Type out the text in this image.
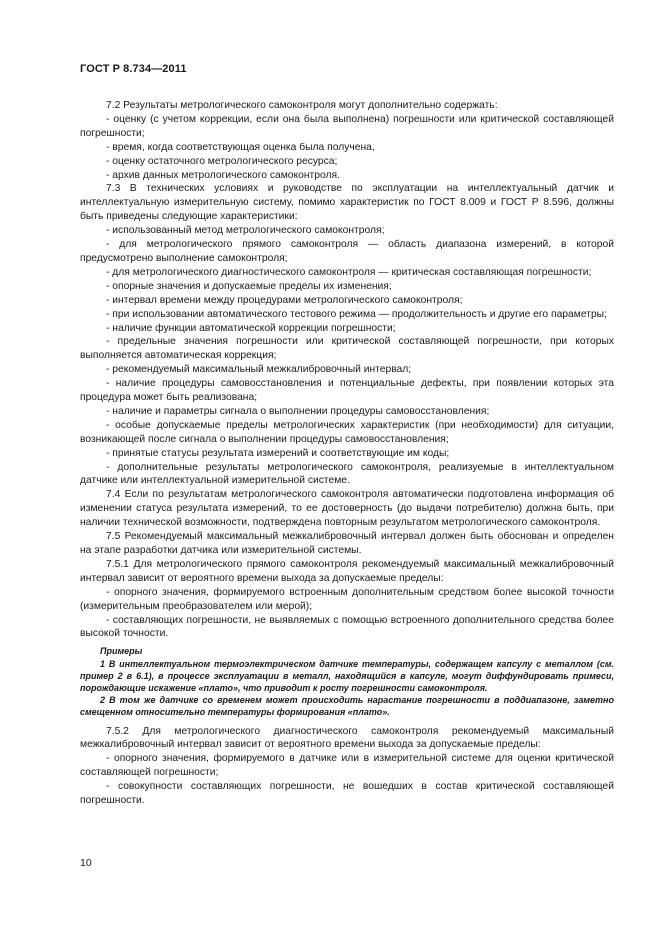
ГОСТ Р 8.734—2011

7.2 Результаты метрологического самоконтроля могут дополнительно содержать:

- оценку (с учетом коррекции, если она была выполнена) погрешности или критической составляющей погрешности;

- время, когда соответствующая оценка была получена,

- оценку остаточного метрологического ресурса;

- архив данных метрологического самоконтроля.

7.3 В технических условиях и руководстве по эксплуатации на интеллектуальный датчик и интеллектуальную измерительную систему, помимо характеристик по ГОСТ 8.009 и ГОСТ Р 8.596, должны быть приведены следующие характеристики:

- использованный метод метрологического самоконтроля;

- для метрологического прямого самоконтроля — область диапазона измерений, в которой предусмотрено выполнение самоконтроля;

- для метрологического диагностического самоконтроля — критическая составляющая погрешности;

- опорные значения и допускаемые пределы их изменения;

- интервал времени между процедурами метрологического самоконтроля;

- при использовании автоматического тестового режима — продолжительность и другие его параметры;

- наличие функции автоматической коррекции погрешности;

- предельные значения погрешности или критической составляющей погрешности, при которых выполняется автоматическая коррекция;

- рекомендуемый максимальный межкалибровочный интервал;

- наличие процедуры самовосстановления и потенциальные дефекты, при появлении которых эта процедура может быть реализована;

- наличие и параметры сигнала о выполнении процедуры самовосстановления;

- особые допускаемые пределы метрологических характеристик (при необходимости) для ситуации, возникающей после сигнала о выполнении процедуры самовосстановления;

- принятые статусы результата измерений и соответствующие им коды;

- дополнительные результаты метрологического самоконтроля, реализуемые в интеллектуальном датчике или интеллектуальной измерительной системе.

7.4 Если по результатам метрологического самоконтроля автоматически подготовлена информация об изменении статуса результата измерений, то ее достоверность (до выдачи потребителю) должна быть, при наличии технической возможности, подтверждена повторным результатом метрологического самоконтроля.

7.5 Рекомендуемый максимальный межкалибровочный интервал должен быть обоснован и определен на этапе разработки датчика или измерительной системы.

7.5.1 Для метрологического прямого самоконтроля рекомендуемый максимальный межкалибровочный интервал зависит от вероятного времени выхода за допускаемые пределы:

- опорного значения, формируемого встроенным дополнительным средством более высокой точности (измерительным преобразователем или мерой);

- составляющих погрешности, не выявляемых с помощью встроенного дополнительного средства более высокой точности.

Примеры

1 В интеллектуальном термоэлектрическом датчике температуры, содержащем капсулу с металлом (см. пример 2 в 6.1), в процессе эксплуатации в металл, находящийся в капсуле, могут диффундировать примеси, порождающие искажение «плато», что приводит к росту погрешности самоконтроля.

2 В том же датчике со временем может происходить нарастание погрешности в поддиапазоне, заметно смещенном относительно температуры формирования «плато».

7.5.2 Для метрологического диагностического самоконтроля рекомендуемый максимальный межкалибровочный интервал зависит от вероятного времени выхода за допускаемые пределы:

- опорного значения, формируемого в датчике или в измерительной системе для оценки критической составляющей погрешности;

- совокупности составляющих погрешности, не вошедших в состав критической составляющей погрешности.

10
